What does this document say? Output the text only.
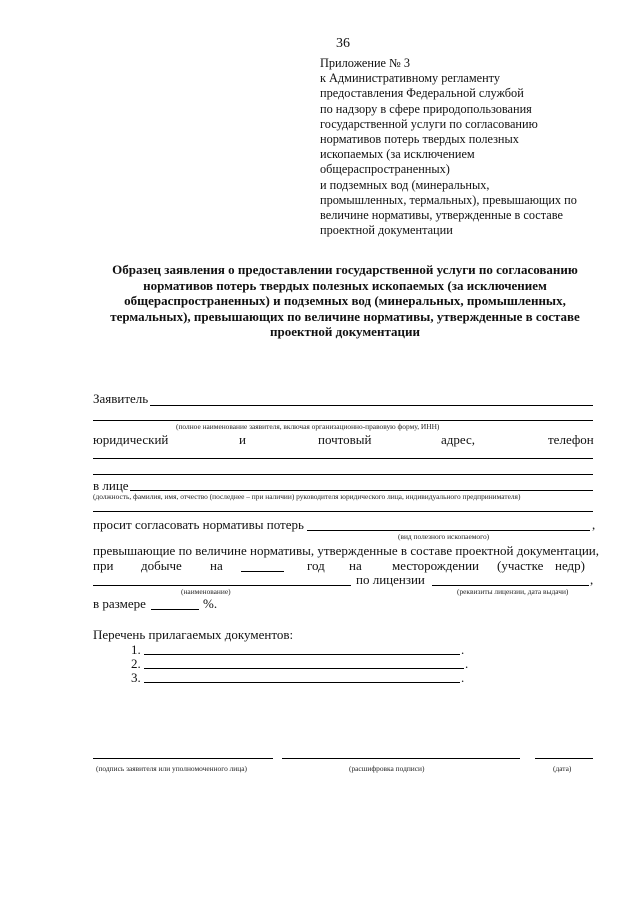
36
Приложение № 3
к Административному регламенту
предоставления Федеральной службой
по надзору в сфере природопользования
государственной услуги по согласованию
нормативов потерь твердых полезных
ископаемых (за исключением
общераспространенных)
и подземных вод (минеральных,
промышленных, термальных), превышающих по
величине нормативы, утвержденные в составе
проектной документации
Образец заявления о предоставлении государственной услуги по согласованию
нормативов потерь твердых полезных ископаемых (за исключением
общераспространенных) и подземных вод (минеральных, промышленных,
термальных), превышающих по величине нормативы, утвержденные в составе
проектной документации
Заявитель
(полное наименование заявителя, включая организационно-правовую форму, ИНН)
юридический	и	почтовый	адрес,	телефон
в лице
(должность, фамилия, имя, отчество (последнее – при наличии) руководителя юридического лица, индивидуального предпринимателя)
просит согласовать нормативы потерь	,
(вид полезного ископаемого)
превышающие по величине нормативы, утвержденные в составе проектной документации,
при добыче на	год на месторождении (участке недр)
по лицензии	,
(наименование)	(реквизиты лицензии, дата выдачи)
в размере	%.
Перечень прилагаемых документов:
1.	.
2.	.
3.	.
(подпись заявителя или уполномоченного лица)	(расшифровка подписи)	(дата)
